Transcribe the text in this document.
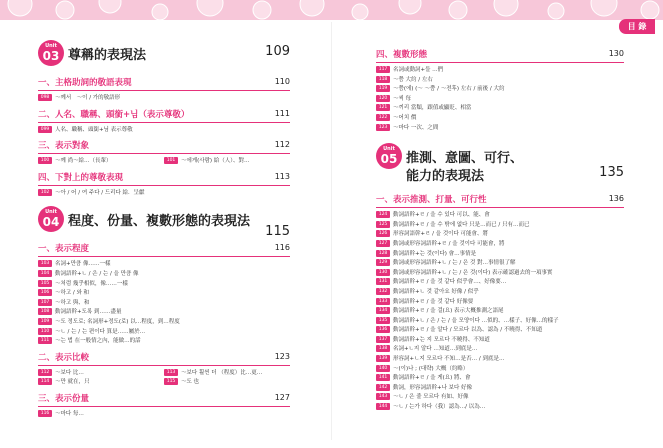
目 錄
Unit
03 尊稱的表現法	109
一、主格助詞的敬語表現	110
098 ～께서　～이 / 가的敬語形
二、人名、職稱、頭銜+님（表示尊敬）	111
099 人名、職稱、頭銜+님 表示尊敬
三、表示對象	112
100 ～께 尚～給…（長輩）	101 ～에게(사람) 給（人）、對…
四、下對上的尊敬表現	113
102 ～아 / 어 / 여 주다 / 드리다 給．呈獻
Unit
04 程度、份量、複數形態的表現法
115
一、表示程度	116
103 名詞+만큼 像……一樣
104 動詞語幹+ㄴ / 은 / 는 / 을 만큼 像
105 ～처럼 幾乎相似，像……一樣
106 ～하고 / 와 和
107 ～하고 與、和
108 動詞語幹+도록 到……盡量
109 ～도 정도로; 名詞形+정도(로) 以…程度，到…程度
110 ～ㄴ / 는 / 는 편이다 算是……屬於…
111 ～는 법 在一般情之內，能做…的話
二、表示比較	123
112 ～보다 比…	113 ～보다 훨씬 더 （程度）比…更…
114 ～만 就在，只	115 ～도 也
三、表示份量	127
116 ～마다 每…
四、複數形態	130
117 名詞或動詞+들 …們
118 ～쯤 大約 / 左右
119 ～쯤(에) (～ ～쯤 / ～전후) 左右 / 前後 / 大約
120 ～씩 每
121 ～끼리 當類，跟值或顯貶、相當
122 ～어치 價
123 ～마다 一次、之間
Unit
05 推測、意圖、可行、
能力的表現法	135
一、表示推測、打量、可行性	136
124 動詞語幹+ㄹ / 을 수 있다 可以、能、會
125 動詞語幹+ㄹ / 을 수 밖에 없다 只是…而已 / 只有…而已
126 形容詞語幹+ㄹ / 을 것이다 可能會、將
127 動詞或形容詞語幹+ㄹ / 을 것이다 可能會，將
128 動詞語幹+는 것(이다) 會…事情是
129 動詞或形容詞語幹+ㄴ / 는 / 은 것 對…事情很了解
130 動詞或形容詞語幹+ㄴ / 는 / 은 것(이다) 表示確認過去的一項事實
131 動詞語幹+ㄹ / 을 것 같다 似乎會…、好像要…
132 動詞語幹+ㄴ 것 같아요 好像 / 似乎
133 動詞語幹+ㄹ / 을 것 같다 好像要
134 動詞語幹+ㄹ / 을 걸(요) 表示大概推測之語尾
135 動詞語幹+ㄴ / 은 / 는 / 을 모양이다 …似的、…樣子、好像…的樣子
136 動詞語幹+ㄹ / 을 알다 / 모르다 以為、認為 / 不曉得、不知道
137 動詞語幹+는 지 모르다 不曉得、不知道
138 名詞+ㄴ지 알다 …知道…到底是…
139 形容詞+ㄴ지 모르다 不知…是否… / 到底是…
140 ～(이)나 ; (대략) 大概（約略）
141 動詞語幹+ㄹ / 을 게(요) 將、會
142 動詞，形容詞語幹+나 보다 好像
143 ～ㄴ / 은 줄 모르다 有如、好像
144 ～ㄴ / 는가 하다（我）認為…/ 以為…
